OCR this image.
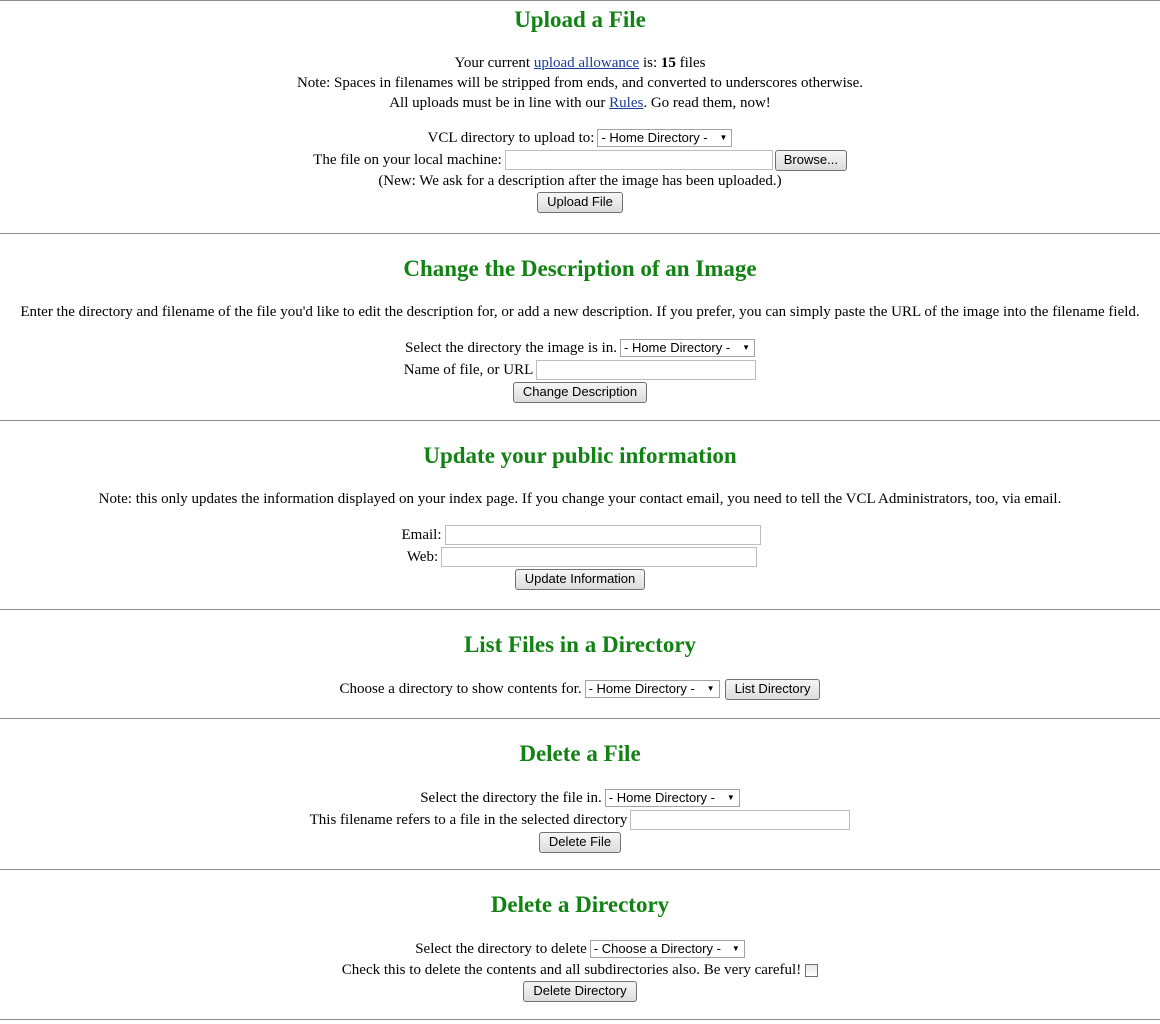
Upload a File
Your current upload allowance is: 15 files
Note: Spaces in filenames will be stripped from ends, and converted to underscores otherwise.
All uploads must be in line with our Rules. Go read them, now!
VCL directory to upload to: - Home Directory - ▼
The file on your local machine:	Browse...
(New: We ask for a description after the image has been uploaded.)
Upload File
Change the Description of an Image
Enter the directory and filename of the file you'd like to edit the description for, or add a new description. If you prefer, you can simply paste the URL of the image into the filename field.
Select the directory the image is in. - Home Directory - ▼
Name of file, or URL
Change Description
Update your public information
Note: this only updates the information displayed on your index page. If you change your contact email, you need to tell the VCL Administrators, too, via email.
Email:
Web:
Update Information
List Files in a Directory
Choose a directory to show contents for. - Home Directory - ▼	List Directory
Delete a File
Select the directory the file in. - Home Directory - ▼
This filename refers to a file in the selected directory
Delete File
Delete a Directory
Select the directory to delete - Choose a Directory - ▼
Check this to delete the contents and all subdirectories also. Be very careful!
Delete Directory
